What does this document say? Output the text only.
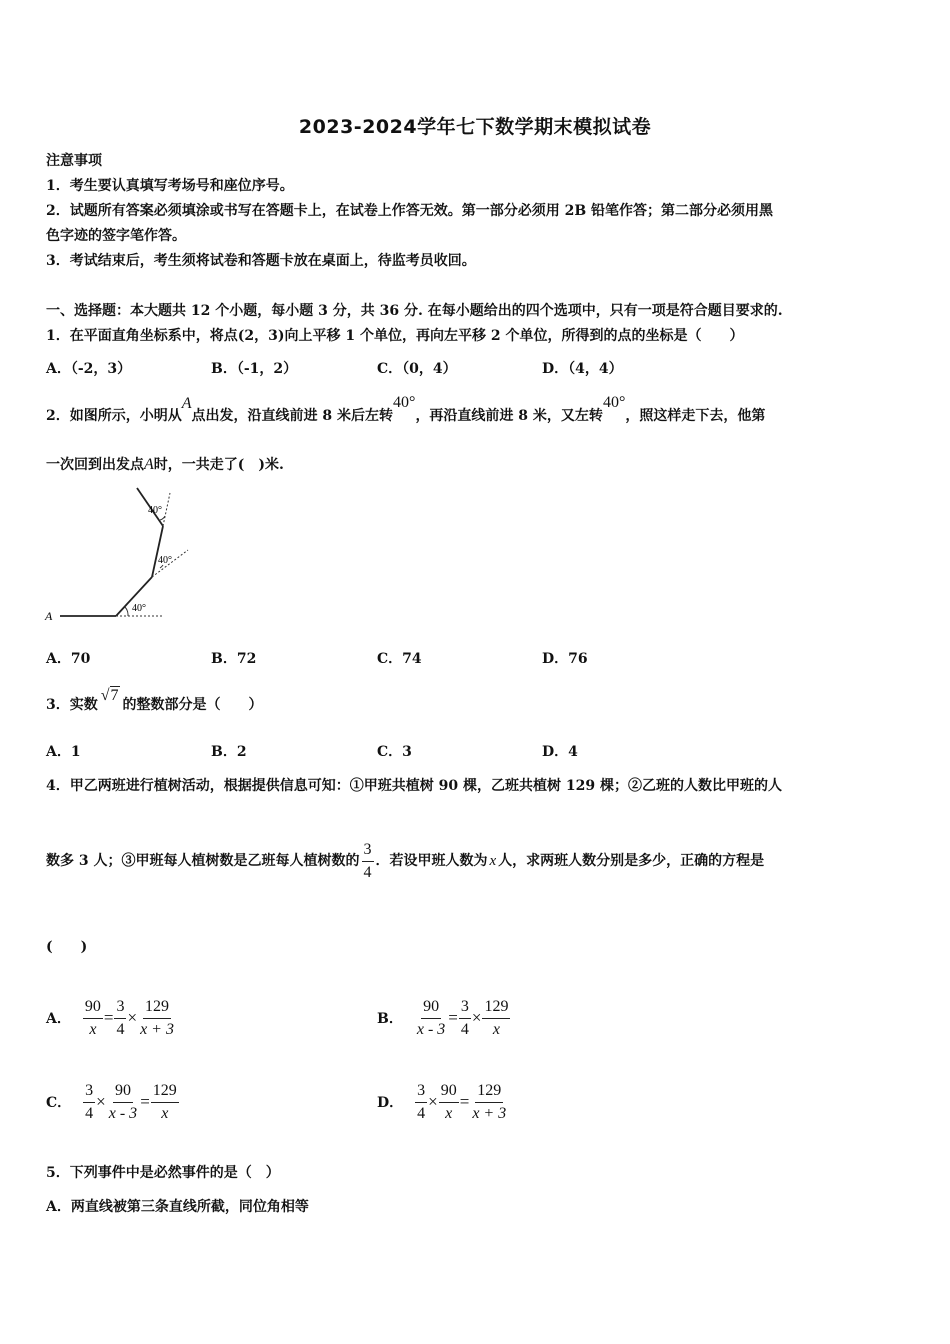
2023-2024学年七下数学期末模拟试卷
注意事项
1．考生要认真填写考场号和座位序号。
2．试题所有答案必须填涂或书写在答题卡上，在试卷上作答无效。第一部分必须用 2B 铅笔作答；第二部分必须用黑
色字迹的签字笔作答。
3．考试结束后，考生须将试卷和答题卡放在桌面上，待监考员收回。
一、选择题：本大题共 12 个小题，每小题 3 分，共 36 分. 在每小题给出的四个选项中，只有一项是符合题目要求的.
1．在平面直角坐标系中，将点(2，3)向上平移 1 个单位，再向左平移 2 个单位，所得到的点的坐标是（　　）
A．（-2，3）	B．（-1，2）	C．（0，4）	D．（4，4）
2．如图所示，小明从A点出发，沿直线前进 8 米后左转40°，再沿直线前进 8 米，又左转40°，照这样走下去，他第
一次回到出发点A时，一共走了(　)米.
A
40°
40°
40°
A．70	B．72	C．74	D．76
3．实数√7的整数部分是（　　）
A．1	B．2	C．3	D．4
4．甲乙两班进行植树活动，根据提供信息可知：①甲班共植树 90 棵，乙班共植树 129 棵；②乙班的人数比甲班的人
数多 3 人；③甲班每人植树数是乙班每人植树数的 $\frac{3}{4}$ ．若设甲班人数为 x 人，求两班人数分别是多少，正确的方程是
(　　)
A． $\frac{90}{x} = \frac{3}{4} \times \frac{129}{x + 3}$	B． $\frac{90}{x - 3} = \frac{3}{4} \times \frac{129}{x}$
C． $\frac{3}{4} \times \frac{90}{x - 3} = \frac{129}{x}$	D． $\frac{3}{4} \times \frac{90}{x} = \frac{129}{x + 3}$
5．下列事件中是必然事件的是（　）
A．两直线被第三条直线所截，同位角相等
